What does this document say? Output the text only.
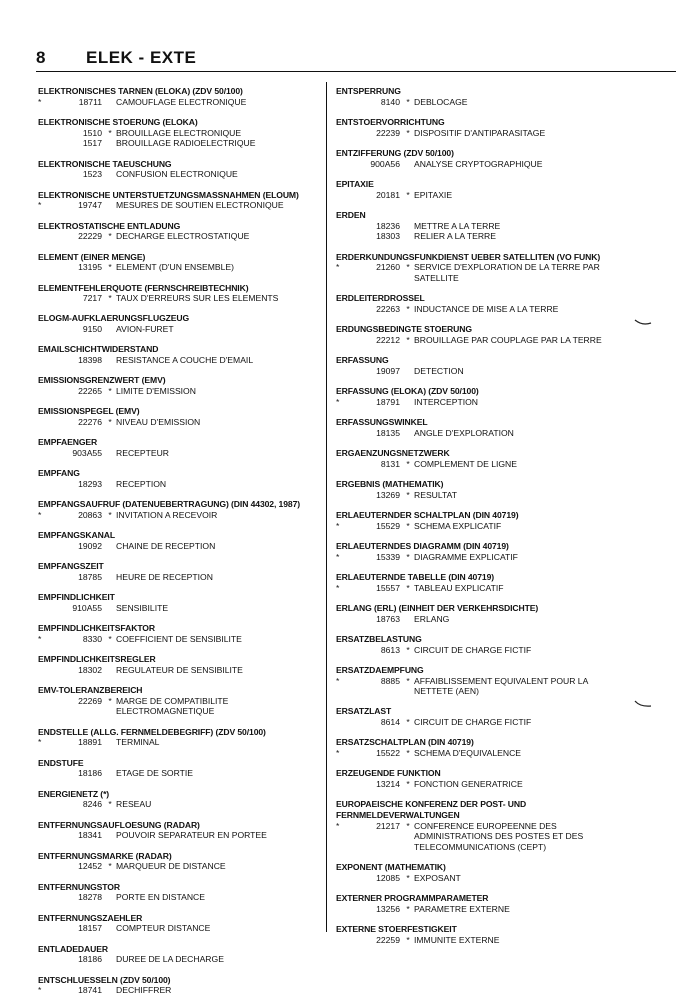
8 ELEK - EXTE
ELEKTRONISCHES TARNEN (ELOKA) (ZDV 50/100)
*	18711 CAMOUFLAGE ELECTRONIQUE
ELEKTRONISCHE STOERUNG (ELOKA)
1510 * BROUILLAGE ELECTRONIQUE
1517 BROUILLAGE RADIOELECTRIQUE
ELEKTRONISCHE TAEUSCHUNG
1523 CONFUSION ELECTRONIQUE
ELEKTRONISCHE UNTERSTUETZUNGSMASSNAHMEN (ELOUM)
*	19747 MESURES DE SOUTIEN ELECTRONIQUE
ELEKTROSTATISCHE ENTLADUNG
22229 * DECHARGE ELECTROSTATIQUE
ELEMENT (EINER MENGE)
13195 * ELEMENT (D'UN ENSEMBLE)
ELEMENTFEHLERQUOTE (FERNSCHREIBTECHNIK)
7217 * TAUX D'ERREURS SUR LES ELEMENTS
ELOGM-AUFKLAERUNGSFLUGZEUG
9150 AVION-FURET
EMAILSCHICHTWIDERSTAND
18398 RESISTANCE A COUCHE D'EMAIL
EMISSIONSGRENZWERT (EMV)
22265 * LIMITE D'EMISSION
EMISSIONSPEGEL (EMV)
22276 * NIVEAU D'EMISSION
EMPFAENGER
903A55 RECEPTEUR
EMPFANG
18293 RECEPTION
EMPFANGSAUFRUF (DATENUEBERTRAGUNG) (DIN 44302, 1987)
*	20863 * INVITATION A RECEVOIR
EMPFANGSKANAL
19092 CHAINE DE RECEPTION
EMPFANGSZEIT
18785 HEURE DE RECEPTION
EMPFINDLICHKEIT
910A55 SENSIBILITE
EMPFINDLICHKEITSFAKTOR
*	8330 * COEFFICIENT DE SENSIBILITE
EMPFINDLICHKEITSREGLER
18302 REGULATEUR DE SENSIBILITE
EMV-TOLERANZBEREICH
22269 * MARGE DE COMPATIBILITE
ELECTROMAGNETIQUE
ENDSTELLE (ALLG. FERNMELDEBEGRIFF) (ZDV 50/100)
*	18891 TERMINAL
ENDSTUFE
18186 ETAGE DE SORTIE
ENERGIENETZ (*)
8246 * RESEAU
ENTFERNUNGSAUFLOESUNG (RADAR)
18341 POUVOIR SEPARATEUR EN PORTEE
ENTFERNUNGSMARKE (RADAR)
12452 * MARQUEUR DE DISTANCE
ENTFERNUNGSTOR
18278 PORTE EN DISTANCE
ENTFERNUNGSZAEHLER
18157 COMPTEUR DISTANCE
ENTLADEDAUER
18186 DUREE DE LA DECHARGE
ENTSCHLUESSELN (ZDV 50/100)
*	18741 DECHIFFRER
ENTSPERRUNG
8140 * DEBLOCAGE
ENTSTOERVORRICHTUNG
22239 * DISPOSITIF D'ANTIPARASITAGE
ENTZIFFERUNG (ZDV 50/100)
900A56 ANALYSE CRYPTOGRAPHIQUE
EPITAXIE
20181 * EPITAXIE
ERDEN
18236 METTRE A LA TERRE
18303 RELIER A LA TERRE
ERDERKUNDUNGSFUNKDIENST UEBER SATELLITEN (VO FUNK)
*	21260 * SERVICE D'EXPLORATION DE LA TERRE PAR
SATELLITE
ERDLEITERDROSSEL
22263 * INDUCTANCE DE MISE A LA TERRE
ERDUNGSBEDINGTE STOERUNG
22212 * BROUILLAGE PAR COUPLAGE PAR LA TERRE
ERFASSUNG
19097 DETECTION
ERFASSUNG (ELOKA) (ZDV 50/100)
*	18791 INTERCEPTION
ERFASSUNGSWINKEL
18135 ANGLE D'EXPLORATION
ERGAENZUNGSNETZWERK
8131 * COMPLEMENT DE LIGNE
ERGEBNIS (MATHEMATIK)
13269 * RESULTAT
ERLAEUTERNDER SCHALTPLAN (DIN 40719)
*	15529 * SCHEMA EXPLICATIF
ERLAEUTERNDES DIAGRAMM (DIN 40719)
*	15339 * DIAGRAMME EXPLICATIF
ERLAEUTERNDE TABELLE (DIN 40719)
*	15557 * TABLEAU EXPLICATIF
ERLANG (ERL) (EINHEIT DER VERKEHRSDICHTE)
18763 ERLANG
ERSATZBELASTUNG
8613 * CIRCUIT DE CHARGE FICTIF
ERSATZDAEMPFUNG
*	8885 * AFFAIBLISSEMENT EQUIVALENT POUR LA
NETTETE (AEN)
ERSATZLAST
8614 * CIRCUIT DE CHARGE FICTIF
ERSATZSCHALTPLAN (DIN 40719)
*	15522 * SCHEMA D'EQUIVALENCE
ERZEUGENDE FUNKTION
13214 * FONCTION GENERATRICE
EUROPAEISCHE KONFERENZ DER POST- UND FERNMELDEVERWALTUNGEN
*	21217 * CONFERENCE EUROPEENNE DES
ADMINISTRATIONS DES POSTES ET DES
TELECOMMUNICATIONS (CEPT)
EXPONENT (MATHEMATIK)
12085 * EXPOSANT
EXTERNER PROGRAMMPARAMETER
13256 * PARAMETRE EXTERNE
EXTERNE STOERFESTIGKEIT
22259 * IMMUNITE EXTERNE
